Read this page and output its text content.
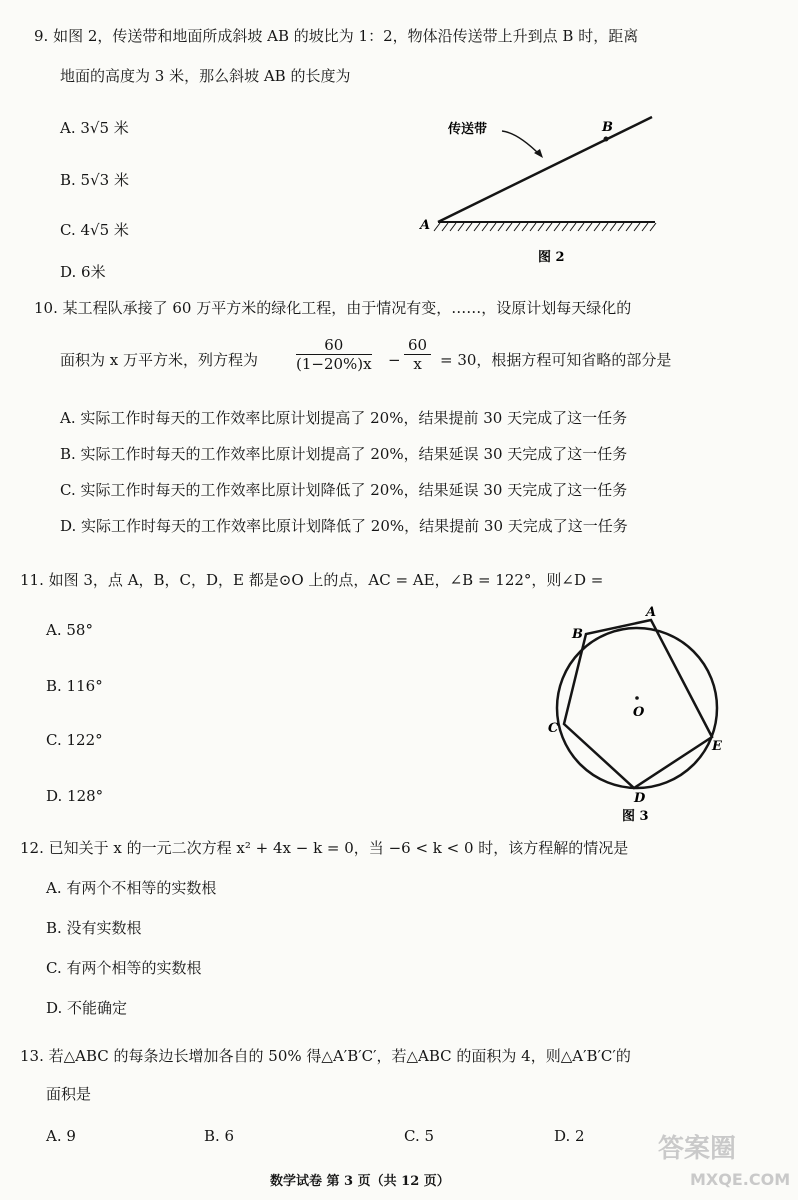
9. 如图 2，传送带和地面所成斜坡 AB 的坡比为 1：2，物体沿传送带上升到点 B 时，距离
地面的高度为 3 米，那么斜坡 AB 的长度为
A. 3√5 米
B. 5√3 米
C. 4√5 米
D. 6米
传送带
A
B
图 2
10. 某工程队承接了 60 万平方米的绿化工程，由于情况有变，……，设原计划每天绿化的
面积为 x 万平方米，列方程为	$\frac{60}{(1-20\%)x} - \frac{60}{x} = 30$，根据方程可知省略的部分是
A. 实际工作时每天的工作效率比原计划提高了 20%，结果提前 30 天完成了这一任务
B. 实际工作时每天的工作效率比原计划提高了 20%，结果延误 30 天完成了这一任务
C. 实际工作时每天的工作效率比原计划降低了 20%，结果延误 30 天完成了这一任务
D. 实际工作时每天的工作效率比原计划降低了 20%，结果提前 30 天完成了这一任务
11. 如图 3，点 A，B，C，D，E 都是⊙O 上的点，AC = AE，∠B = 122°，则∠D =
A. 58°
B. 116°
C. 122°
D. 128°
A
B
C
D
E
O
图 3
12. 已知关于 x 的一元二次方程 x² + 4x − k = 0，当 −6 < k < 0 时，该方程解的情况是
A. 有两个不相等的实数根
B. 没有实数根
C. 有两个相等的实数根
D. 不能确定
13. 若△ABC 的每条边长增加各自的 50% 得△A′B′C′，若△ABC 的面积为 4，则△A′B′C′的
面积是
A. 9	B. 6	C. 5	D. 2
数学试卷 第 3 页（共 12 页）
答案圈
MXQE.COM
